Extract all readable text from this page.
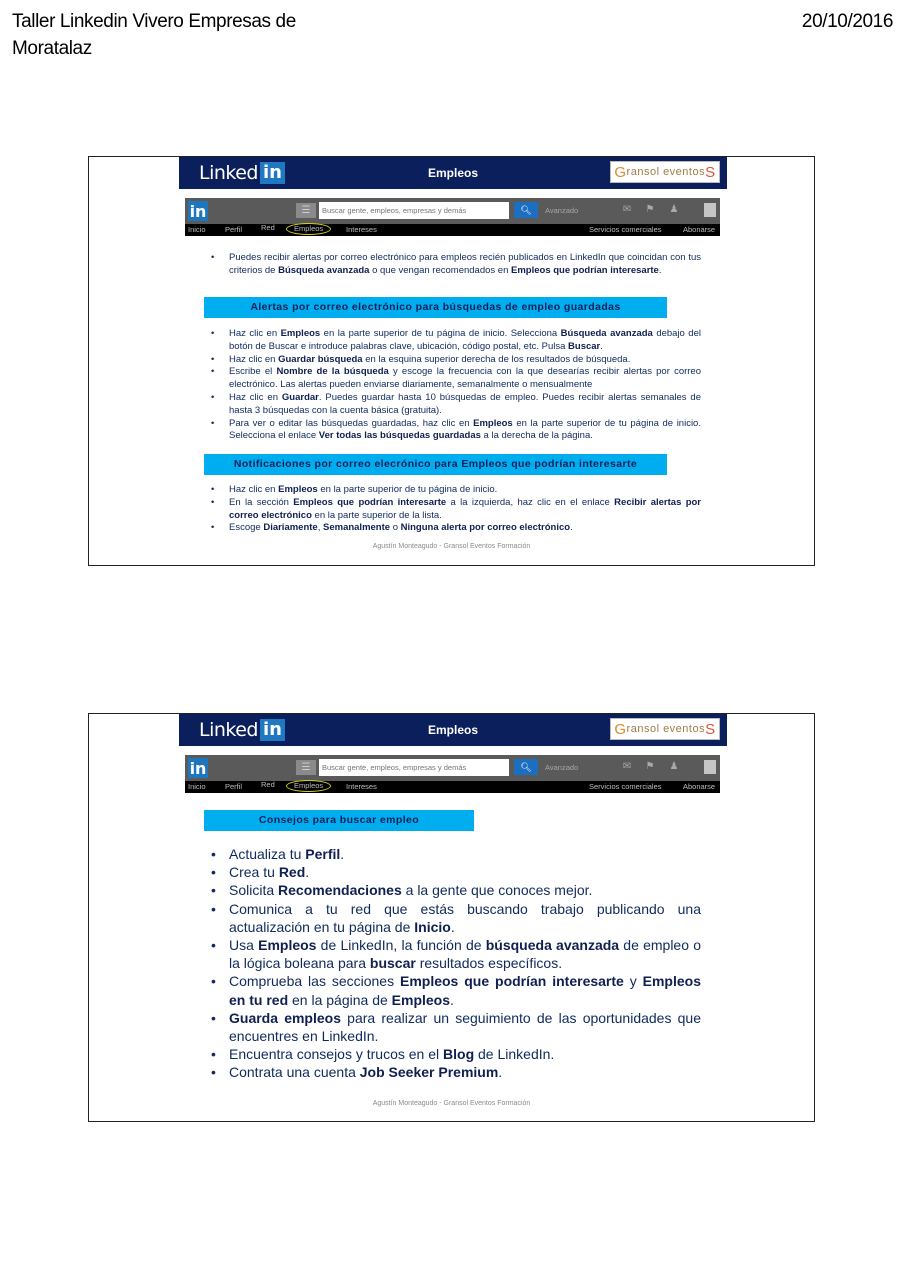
Taller Linkedin Vivero Empresas de Moratalaz
20/10/2016
Linked in	Empleos	G ransol eventos S
in	☰
Buscar gente, empleos, empresas y demás	🔍︎	Avanzado	✉ ⚑ ♟
Inicio	Perfil	Red	Empleos	Intereses	Servicios comerciales	Abonarse
• Puedes recibir alertas por correo electrónico para empleos recién publicados en LinkedIn que coincidan con tus criterios de Búsqueda avanzada o que vengan recomendados en Empleos que podrían interesarte.
Alertas por correo electrónico para búsquedas de empleo guardadas
• Haz clic en Empleos en la parte superior de tu página de inicio. Selecciona Búsqueda avanzada debajo del botón de Buscar e introduce palabras clave, ubicación, código postal, etc. Pulsa Buscar.
• Haz clic en Guardar búsqueda en la esquina superior derecha de los resultados de búsqueda.
• Escribe el Nombre de la búsqueda y escoge la frecuencia con la que desearías recibir alertas por correo electrónico. Las alertas pueden enviarse diariamente, semanalmente o mensualmente
• Haz clic en Guardar. Puedes guardar hasta 10 búsquedas de empleo. Puedes recibir alertas semanales de hasta 3 búsquedas con la cuenta básica (gratuita).
• Para ver o editar las búsquedas guardadas, haz clic en Empleos en la parte superior de tu página de inicio. Selecciona el enlace Ver todas las búsquedas guardadas a la derecha de la página.
Notificaciones por correo elecrónico para Empleos que podrían interesarte
• Haz clic en Empleos en la parte superior de tu página de inicio.
• En la sección Empleos que podrían interesarte a la izquierda, haz clic en el enlace Recibir alertas por correo electrónico en la parte superior de la lista.
• Escoge Diariamente, Semanalmente o Ninguna alerta por correo electrónico.
Agustín Monteagudo - Gransol Eventos Formación
Linked in	Empleos	G ransol eventos S
in	☰
Buscar gente, empleos, empresas y demás	🔍︎	Avanzado	✉ ⚑ ♟
Inicio	Perfil	Red	Empleos	Intereses	Servicios comerciales	Abonarse
Consejos para buscar empleo
• Actualiza tu Perfil.
• Crea tu Red.
• Solicita Recomendaciones a la gente que conoces mejor.
• Comunica a tu red que estás buscando trabajo publicando una actualización en tu página de Inicio.
• Usa Empleos de LinkedIn, la función de búsqueda avanzada de empleo o la lógica boleana para buscar resultados específicos.
• Comprueba las secciones Empleos que podrían interesarte y Empleos en tu red en la página de Empleos.
• Guarda empleos para realizar un seguimiento de las oportunidades que encuentres en LinkedIn.
• Encuentra consejos y trucos en el Blog de LinkedIn.
• Contrata una cuenta Job Seeker Premium.
Agustín Monteagudo - Gransol Eventos Formación
